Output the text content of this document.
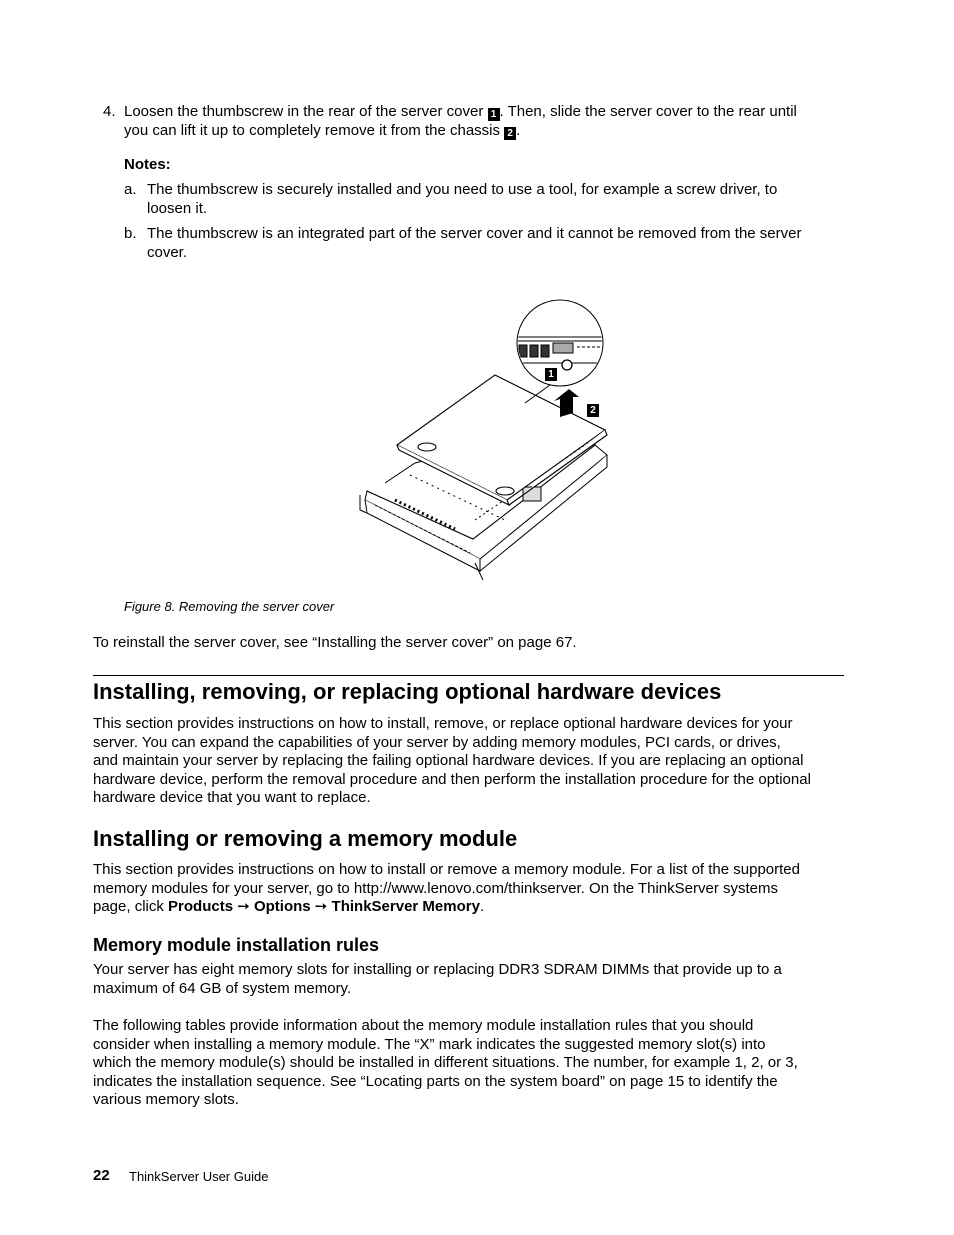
4. Loosen the thumbscrew in the rear of the server cover 1 . Then, slide the server cover to the rear until
you can lift it up to completely remove it from the chassis 2 .
Notes:
a. The thumbscrew is securely installed and you need to use a tool, for example a screw driver, to
loosen it.
b. The thumbscrew is an integrated part of the server cover and it cannot be removed from the server
cover.
1
2
Figure 8. Removing the server cover
To reinstall the server cover, see “Installing the server cover” on page 67.
Installing, removing, or replacing optional hardware devices
This section provides instructions on how to install, remove, or replace optional hardware devices for your
server. You can expand the capabilities of your server by adding memory modules, PCI cards, or drives,
and maintain your server by replacing the failing optional hardware devices. If you are replacing an optional
hardware device, perform the removal procedure and then perform the installation procedure for the optional
hardware device that you want to replace.
Installing or removing a memory module
This section provides instructions on how to install or remove a memory module. For a list of the supported
memory modules for your server, go to http://www.lenovo.com/thinkserver. On the ThinkServer systems
page, click Products ➙ Options ➙ ThinkServer Memory.
Memory module installation rules
Your server has eight memory slots for installing or replacing DDR3 SDRAM DIMMs that provide up to a
maximum of 64 GB of system memory.
The following tables provide information about the memory module installation rules that you should
consider when installing a memory module. The “X” mark indicates the suggested memory slot(s) into
which the memory module(s) should be installed in different situations. The number, for example 1, 2, or 3,
indicates the installation sequence. See “Locating parts on the system board” on page 15 to identify the
various memory slots.
22 ThinkServer User Guide
